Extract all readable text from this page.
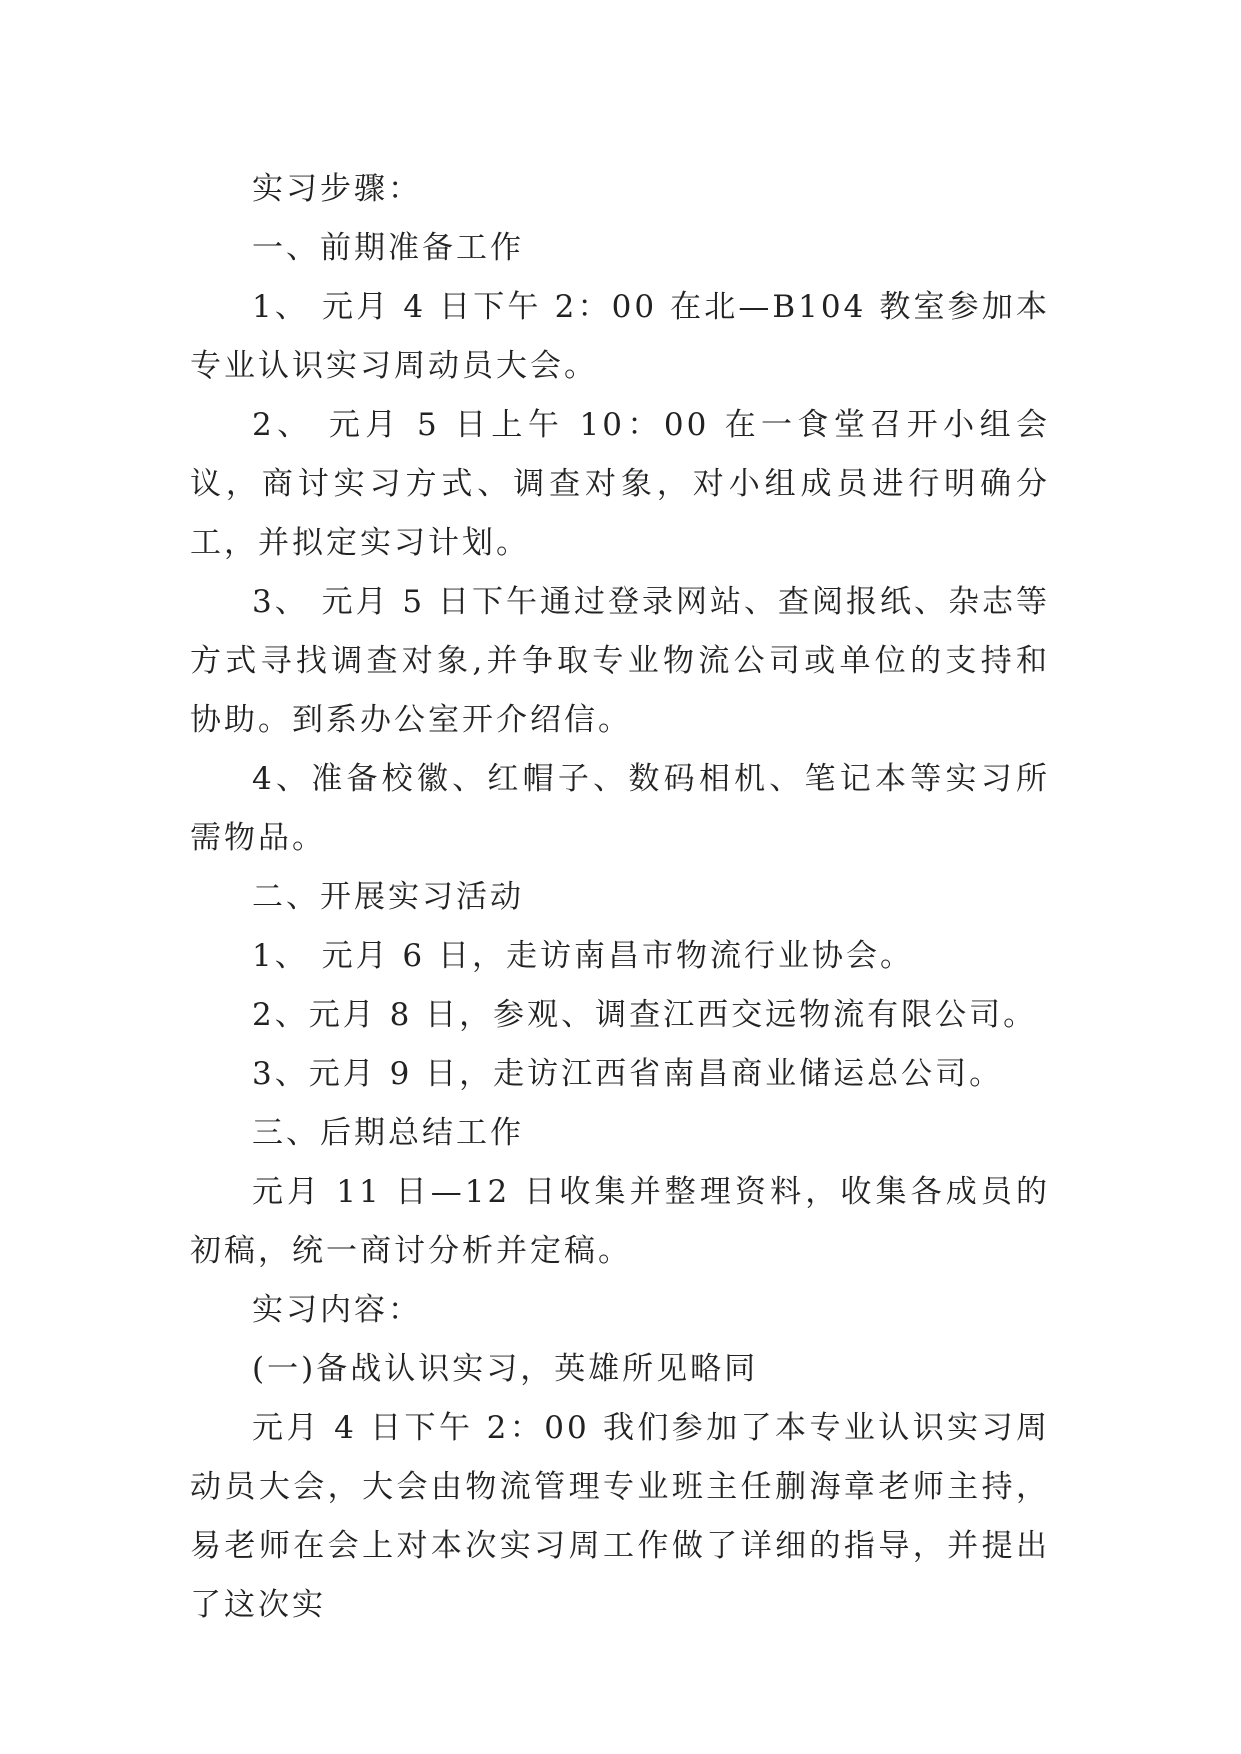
实习步骤：

一、前期准备工作

1、 元月 4 日下午 2：00 在北—B104 教室参加本专业认识实习周动员大会。

2、 元月 5 日上午 10：00 在一食堂召开小组会议，商讨实习方式、调查对象，对小组成员进行明确分工，并拟定实习计划。

3、 元月 5 日下午通过登录网站、查阅报纸、杂志等方式寻找调查对象,并争取专业物流公司或单位的支持和协助。到系办公室开介绍信。

4、准备校徽、红帽子、数码相机、笔记本等实习所需物品。

二、开展实习活动

1、 元月 6 日，走访南昌市物流行业协会。

2、元月 8 日，参观、调查江西交远物流有限公司。

3、元月 9 日，走访江西省南昌商业储运总公司。

三、后期总结工作

元月 11 日—12 日收集并整理资料，收集各成员的初稿，统一商讨分析并定稿。

实习内容：

(一)备战认识实习，英雄所见略同

元月 4 日下午 2：00 我们参加了本专业认识实习周动员大会，大会由物流管理专业班主任蒯海章老师主持，易老师在会上对本次实习周工作做了详细的指导，并提出了这次实
